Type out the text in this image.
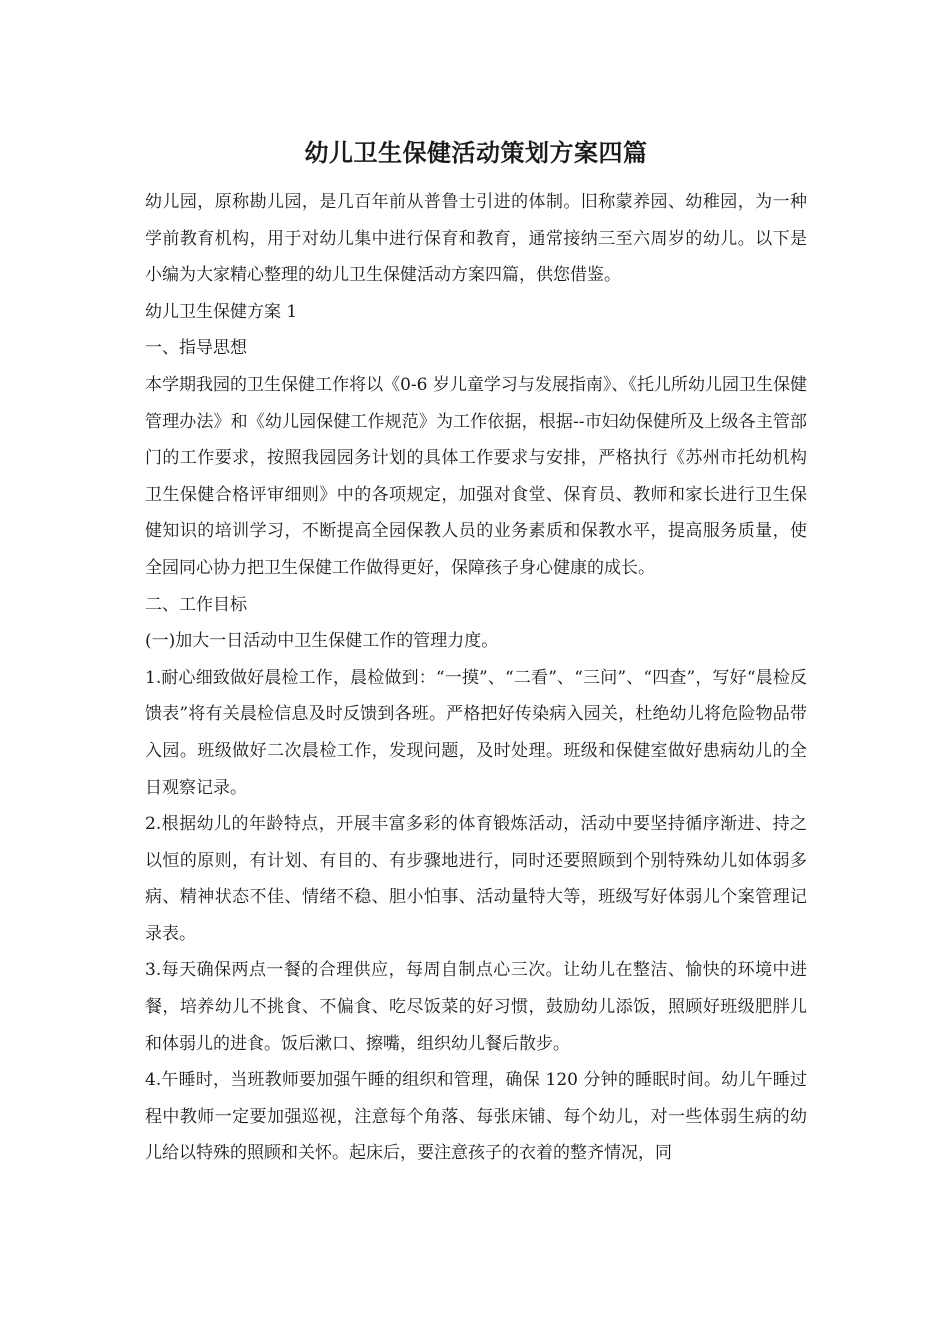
幼儿卫生保健活动策划方案四篇

幼儿园，原称勘儿园，是几百年前从普鲁士引进的体制。旧称蒙养园、幼稚园，为一种学前教育机构，用于对幼儿集中进行保育和教育，通常接纳三至六周岁的幼儿。以下是小编为大家精心整理的幼儿卫生保健活动方案四篇，供您借鉴。

幼儿卫生保健方案 1

一、指导思想

本学期我园的卫生保健工作将以《0-6 岁儿童学习与发展指南》、《托儿所幼儿园卫生保健管理办法》和《幼儿园保健工作规范》为工作依据，根据--市妇幼保健所及上级各主管部门的工作要求，按照我园园务计划的具体工作要求与安排，严格执行《苏州市托幼机构卫生保健合格评审细则》中的各项规定，加强对食堂、保育员、教师和家长进行卫生保健知识的培训学习，不断提高全园保教人员的业务素质和保教水平，提高服务质量，使全园同心协力把卫生保健工作做得更好，保障孩子身心健康的成长。

二、工作目标

(一)加大一日活动中卫生保健工作的管理力度。

1.耐心细致做好晨检工作，晨检做到：“一摸”、“二看”、“三问”、“四查”，写好“晨检反馈表”将有关晨检信息及时反馈到各班。严格把好传染病入园关，杜绝幼儿将危险物品带入园。班级做好二次晨检工作，发现问题，及时处理。班级和保健室做好患病幼儿的全日观察记录。

2.根据幼儿的年龄特点，开展丰富多彩的体育锻炼活动，活动中要坚持循序渐进、持之以恒的原则，有计划、有目的、有步骤地进行，同时还要照顾到个别特殊幼儿如体弱多病、精神状态不佳、情绪不稳、胆小怕事、活动量特大等，班级写好体弱儿个案管理记录表。

3.每天确保两点一餐的合理供应，每周自制点心三次。让幼儿在整洁、愉快的环境中进餐，培养幼儿不挑食、不偏食、吃尽饭菜的好习惯，鼓励幼儿添饭，照顾好班级肥胖儿和体弱儿的进食。饭后漱口、擦嘴，组织幼儿餐后散步。

4.午睡时，当班教师要加强午睡的组织和管理，确保 120 分钟的睡眠时间。幼儿午睡过程中教师一定要加强巡视，注意每个角落、每张床铺、每个幼儿，对一些体弱生病的幼儿给以特殊的照顾和关怀。起床后，要注意孩子的衣着的整齐情况，同
